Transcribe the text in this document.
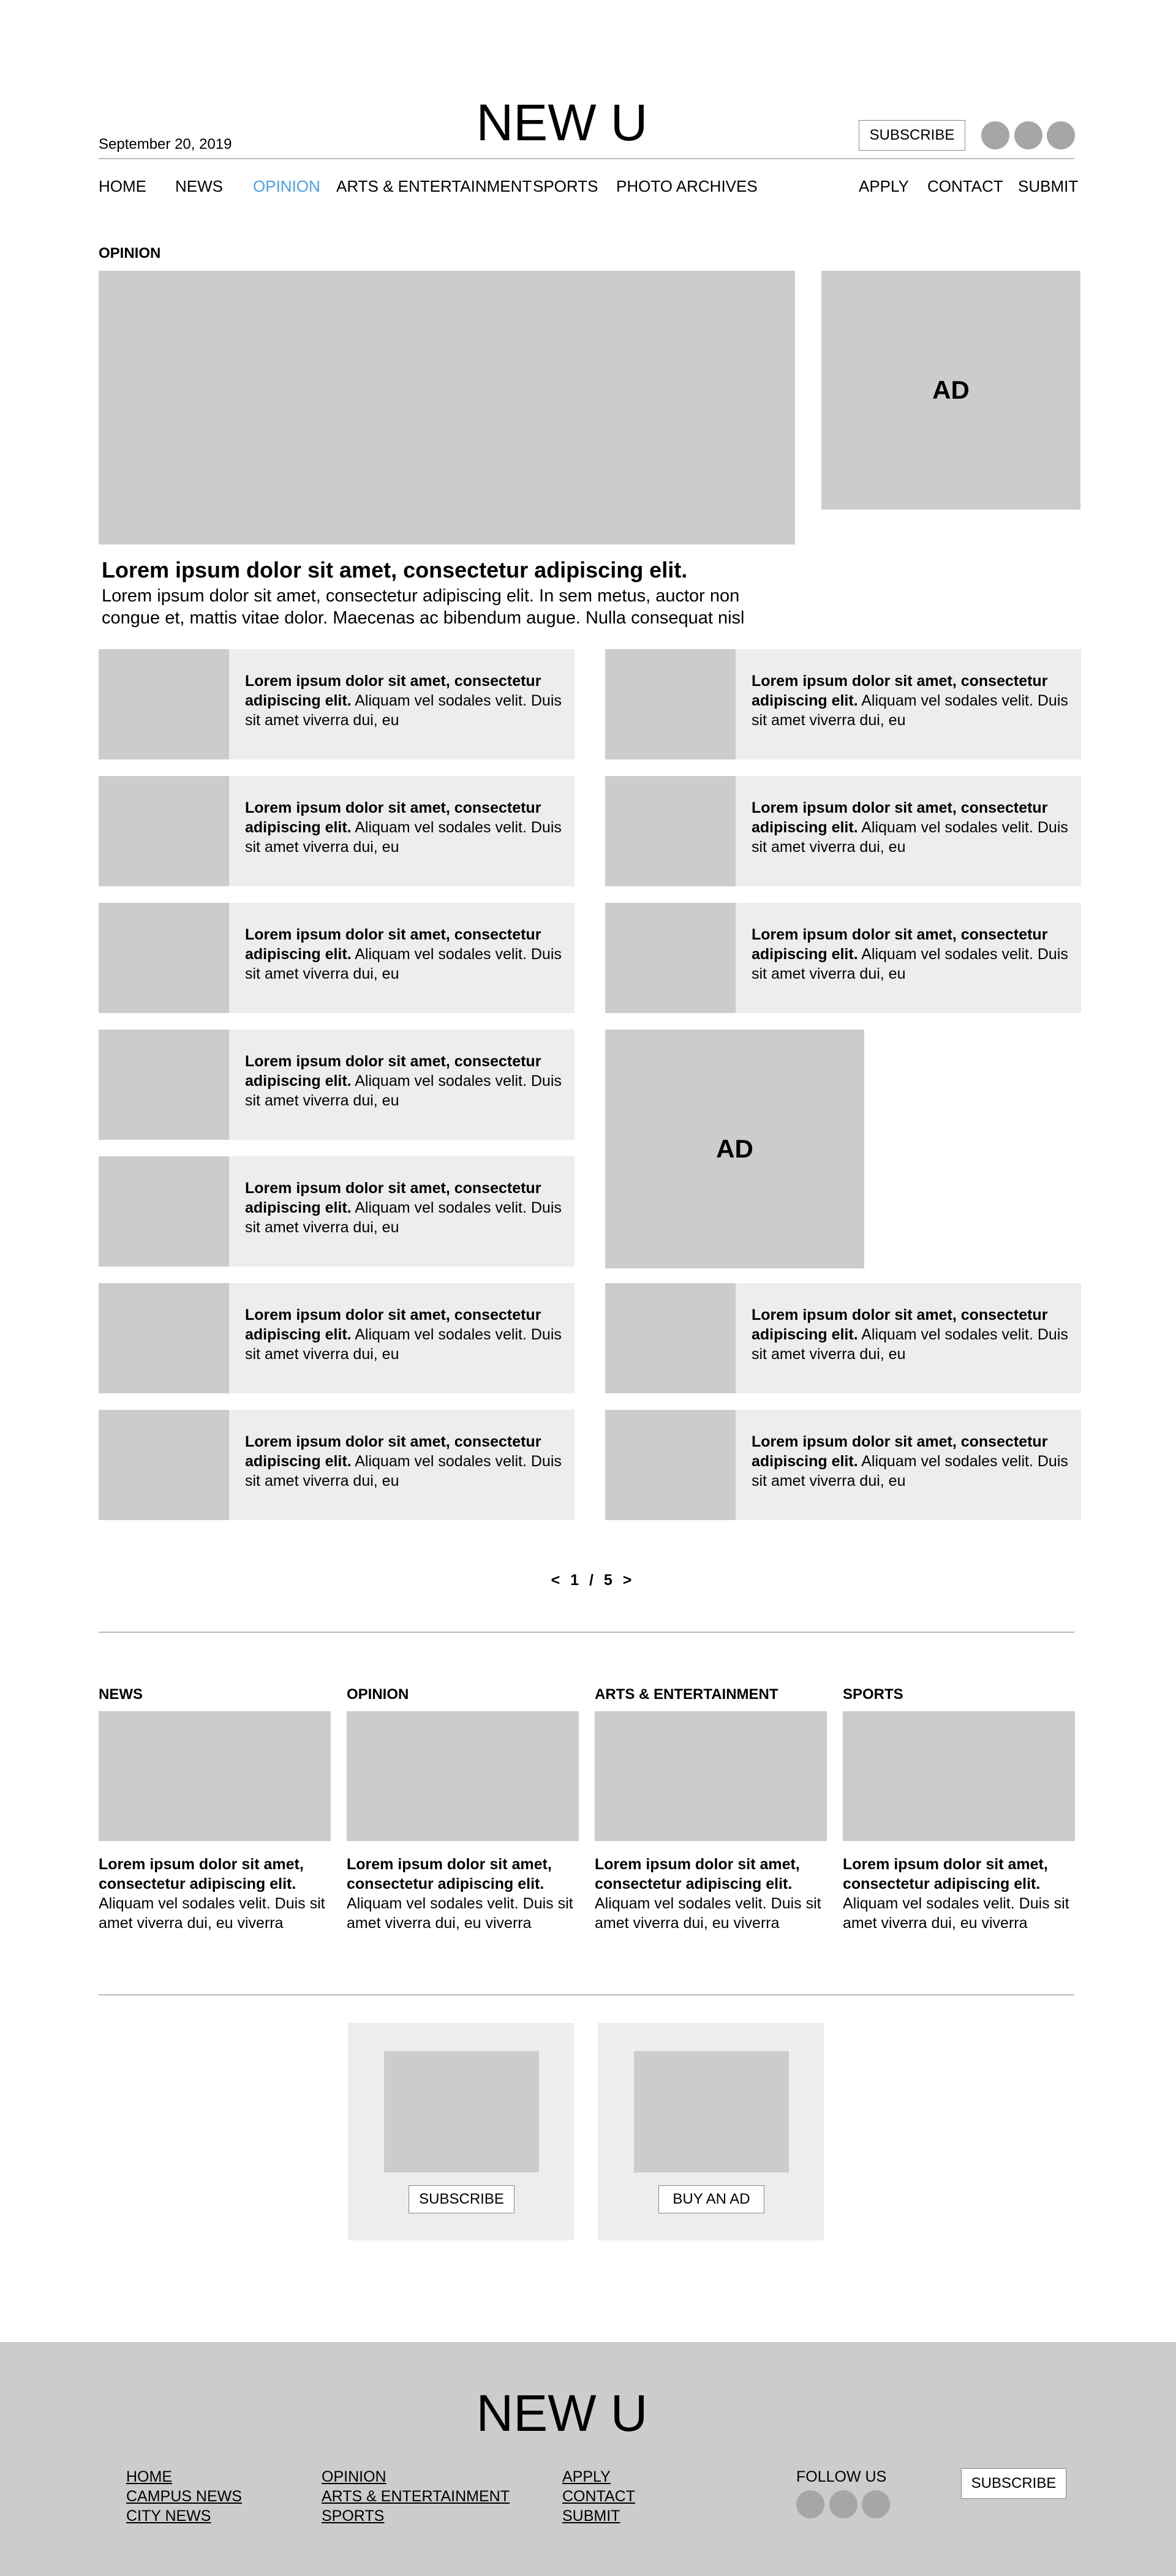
September 20, 2019	NEW U	SUBSCRIBE
HOME NEWS OPINION ARTS & ENTERTAINMENT SPORTS PHOTO ARCHIVES	APPLY CONTACT SUBMIT
OPINION
AD
Lorem ipsum dolor sit amet, consectetur adipiscing elit.
Lorem ipsum dolor sit amet, consectetur adipiscing elit. In sem metus, auctor non congue et, mattis vitae dolor. Maecenas ac bibendum augue. Nulla consequat nisl
Lorem ipsum dolor sit amet, consectetur adipiscing elit. Aliquam vel sodales velit. Duis sit amet viverra dui, eu
Lorem ipsum dolor sit amet, consectetur adipiscing elit. Aliquam vel sodales velit. Duis sit amet viverra dui, eu
Lorem ipsum dolor sit amet, consectetur adipiscing elit. Aliquam vel sodales velit. Duis sit amet viverra dui, eu
Lorem ipsum dolor sit amet, consectetur adipiscing elit. Aliquam vel sodales velit. Duis sit amet viverra dui, eu
Lorem ipsum dolor sit amet, consectetur adipiscing elit. Aliquam vel sodales velit. Duis sit amet viverra dui, eu
Lorem ipsum dolor sit amet, consectetur adipiscing elit. Aliquam vel sodales velit. Duis sit amet viverra dui, eu
Lorem ipsum dolor sit amet, consectetur adipiscing elit. Aliquam vel sodales velit. Duis sit amet viverra dui, eu
Lorem ipsum dolor sit amet, consectetur adipiscing elit. Aliquam vel sodales velit. Duis sit amet viverra dui, eu
Lorem ipsum dolor sit amet, consectetur adipiscing elit. Aliquam vel sodales velit. Duis sit amet viverra dui, eu
Lorem ipsum dolor sit amet, consectetur adipiscing elit. Aliquam vel sodales velit. Duis sit amet viverra dui, eu
AD
Lorem ipsum dolor sit amet, consectetur adipiscing elit. Aliquam vel sodales velit. Duis sit amet viverra dui, eu
Lorem ipsum dolor sit amet, consectetur adipiscing elit. Aliquam vel sodales velit. Duis sit amet viverra dui, eu
< 1 / 5 >
NEWS	OPINION	ARTS & ENTERTAINMENT	SPORTS
Lorem ipsum dolor sit amet, consectetur adipiscing elit.
Aliquam vel sodales velit. Duis sit amet viverra dui, eu viverra
Lorem ipsum dolor sit amet, consectetur adipiscing elit.
Aliquam vel sodales velit. Duis sit amet viverra dui, eu viverra
Lorem ipsum dolor sit amet, consectetur adipiscing elit.
Aliquam vel sodales velit. Duis sit amet viverra dui, eu viverra
Lorem ipsum dolor sit amet, consectetur adipiscing elit.
Aliquam vel sodales velit. Duis sit amet viverra dui, eu viverra
SUBSCRIBE	BUY AN AD
NEW U
HOME
CAMPUS NEWS
CITY NEWS
OPINION
ARTS & ENTERTAINMENT
SPORTS
APPLY
CONTACT
SUBMIT
FOLLOW US	SUBSCRIBE
